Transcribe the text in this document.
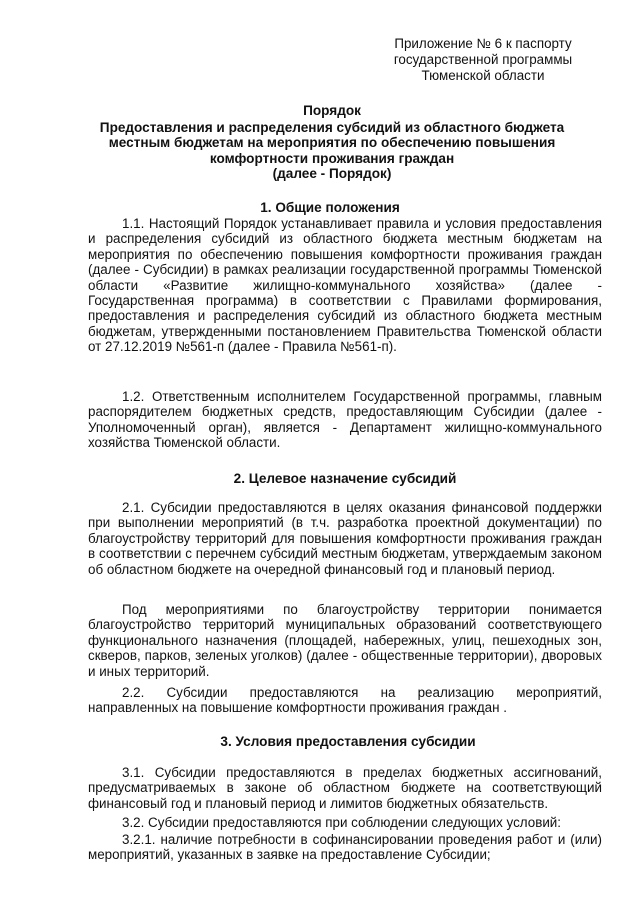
Приложение № 6 к паспорту
государственной программы
Тюменской области
Порядок
Предоставления и распределения субсидий из областного бюджета
местным бюджетам на мероприятия по обеспечению повышения
комфортности проживания граждан
(далее - Порядок)
1. Общие положения

1.1. Настоящий Порядок устанавливает правила и условия предоставления и распределения субсидий из областного бюджета местным бюджетам на мероприятия по обеспечению повышения комфортности проживания граждан (далее - Субсидии) в рамках реализации государственной программы Тюменской области «Развитие жилищно-коммунального хозяйства» (далее - Государственная программа) в соответствии с Правилами формирования, предоставления и распределения субсидий из областного бюджета местным бюджетам, утвержденными постановлением Правительства Тюменской области от 27.12.2019 №561-п (далее - Правила №561-п).

1.2. Ответственным исполнителем Государственной программы, главным распорядителем бюджетных средств, предоставляющим Субсидии (далее - Уполномоченный орган), является - Департамент жилищно-коммунального хозяйства Тюменской области.

2. Целевое назначение субсидий

2.1. Субсидии предоставляются в целях оказания финансовой поддержки при выполнении мероприятий (в т.ч. разработка проектной документации) по благоустройству территорий для повышения комфортности проживания граждан в соответствии с перечнем субсидий местным бюджетам, утверждаемым законом об областном бюджете на очередной финансовый год и плановый период.

Под мероприятиями по благоустройству территории понимается благоустройство территорий муниципальных образований соответствующего функционального назначения (площадей, набережных, улиц, пешеходных зон, скверов, парков, зеленых уголков) (далее - общественные территории), дворовых и иных территорий.

2.2. Субсидии предоставляются на реализацию мероприятий, направленных на повышение комфортности проживания граждан .

3. Условия предоставления субсидии

3.1. Субсидии предоставляются в пределах бюджетных ассигнований, предусматриваемых в законе об областном бюджете на соответствующий финансовый год и плановый период и лимитов бюджетных обязательств.

3.2. Субсидии предоставляются при соблюдении следующих условий:

3.2.1. наличие потребности в софинансировании проведения работ и (или) мероприятий, указанных в заявке на предоставление Субсидии;
